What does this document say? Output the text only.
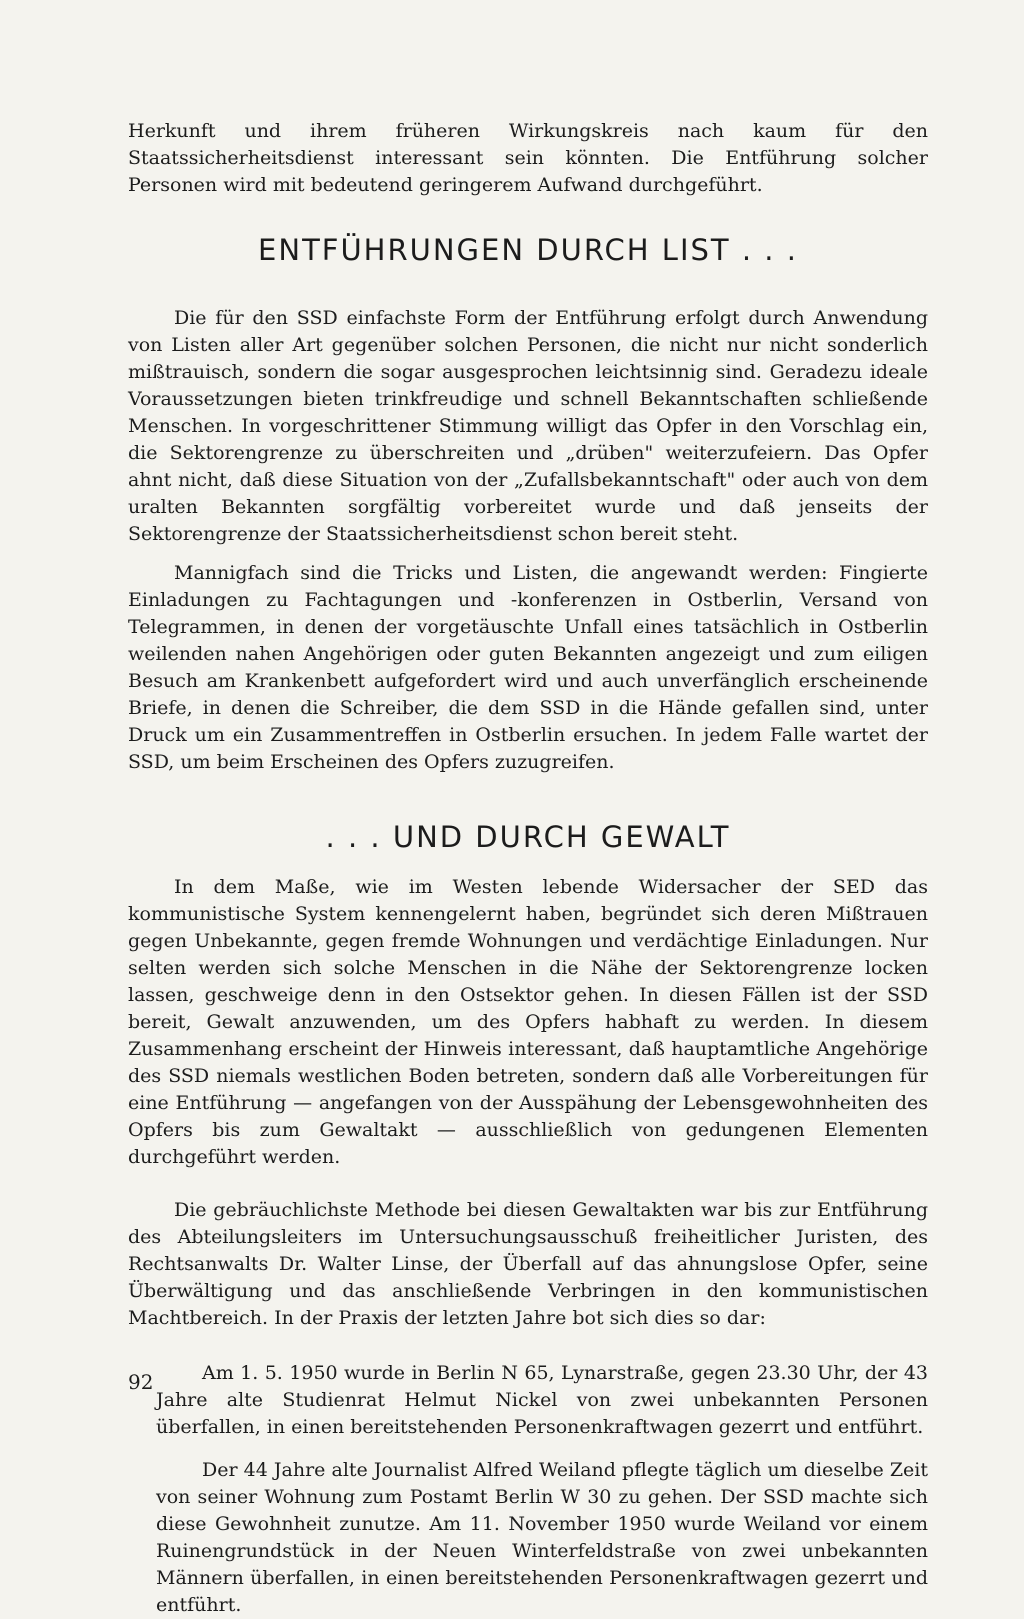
Herkunft und ihrem früheren Wirkungskreis nach kaum für den Staatssicherheitsdienst interessant sein könnten. Die Entführung solcher Personen wird mit bedeutend geringerem Aufwand durchgeführt.

ENTFÜHRUNGEN DURCH LIST . . .

Die für den SSD einfachste Form der Entführung erfolgt durch Anwendung von Listen aller Art gegenüber solchen Personen, die nicht nur nicht sonderlich mißtrauisch, sondern die sogar ausgesprochen leichtsinnig sind. Geradezu ideale Voraussetzungen bieten trinkfreudige und schnell Bekanntschaften schließende Menschen. In vorgeschrittener Stimmung willigt das Opfer in den Vorschlag ein, die Sektorengrenze zu überschreiten und „drüben" weiterzufeiern. Das Opfer ahnt nicht, daß diese Situation von der „Zufallsbekanntschaft" oder auch von dem uralten Bekannten sorgfältig vorbereitet wurde und daß jenseits der Sektorengrenze der Staatssicherheitsdienst schon bereit steht.

Mannigfach sind die Tricks und Listen, die angewandt werden: Fingierte Einladungen zu Fachtagungen und -konferenzen in Ostberlin, Versand von Telegrammen, in denen der vorgetäuschte Unfall eines tatsächlich in Ostberlin weilenden nahen Angehörigen oder guten Bekannten angezeigt und zum eiligen Besuch am Krankenbett aufgefordert wird und auch unverfänglich erscheinende Briefe, in denen die Schreiber, die dem SSD in die Hände gefallen sind, unter Druck um ein Zusammentreffen in Ostberlin ersuchen. In jedem Falle wartet der SSD, um beim Erscheinen des Opfers zuzugreifen.

. . . UND DURCH GEWALT

In dem Maße, wie im Westen lebende Widersacher der SED das kommunistische System kennengelernt haben, begründet sich deren Mißtrauen gegen Unbekannte, gegen fremde Wohnungen und verdächtige Einladungen. Nur selten werden sich solche Menschen in die Nähe der Sektorengrenze locken lassen, geschweige denn in den Ostsektor gehen. In diesen Fällen ist der SSD bereit, Gewalt anzuwenden, um des Opfers habhaft zu werden. In diesem Zusammenhang erscheint der Hinweis interessant, daß hauptamtliche Angehörige des SSD niemals westlichen Boden betreten, sondern daß alle Vorbereitungen für eine Entführung — angefangen von der Ausspähung der Lebensgewohnheiten des Opfers bis zum Gewaltakt — ausschließlich von gedungenen Elementen durchgeführt werden.

Die gebräuchlichste Methode bei diesen Gewaltakten war bis zur Entführung des Abteilungsleiters im Untersuchungsausschuß freiheitlicher Juristen, des Rechtsanwalts Dr. Walter Linse, der Überfall auf das ahnungslose Opfer, seine Überwältigung und das anschließende Verbringen in den kommunistischen Machtbereich. In der Praxis der letzten Jahre bot sich dies so dar:

Am 1. 5. 1950 wurde in Berlin N 65, Lynarstraße, gegen 23.30 Uhr, der 43 Jahre alte Studienrat Helmut Nickel von zwei unbekannten Personen überfallen, in einen bereitstehenden Personenkraftwagen gezerrt und entführt.

Der 44 Jahre alte Journalist Alfred Weiland pflegte täglich um dieselbe Zeit von seiner Wohnung zum Postamt Berlin W 30 zu gehen. Der SSD machte sich diese Gewohnheit zunutze. Am 11. November 1950 wurde Weiland vor einem Ruinengrundstück in der Neuen Winterfeldstraße von zwei unbekannten Männern überfallen, in einen bereitstehenden Personenkraftwagen gezerrt und entführt.

92
